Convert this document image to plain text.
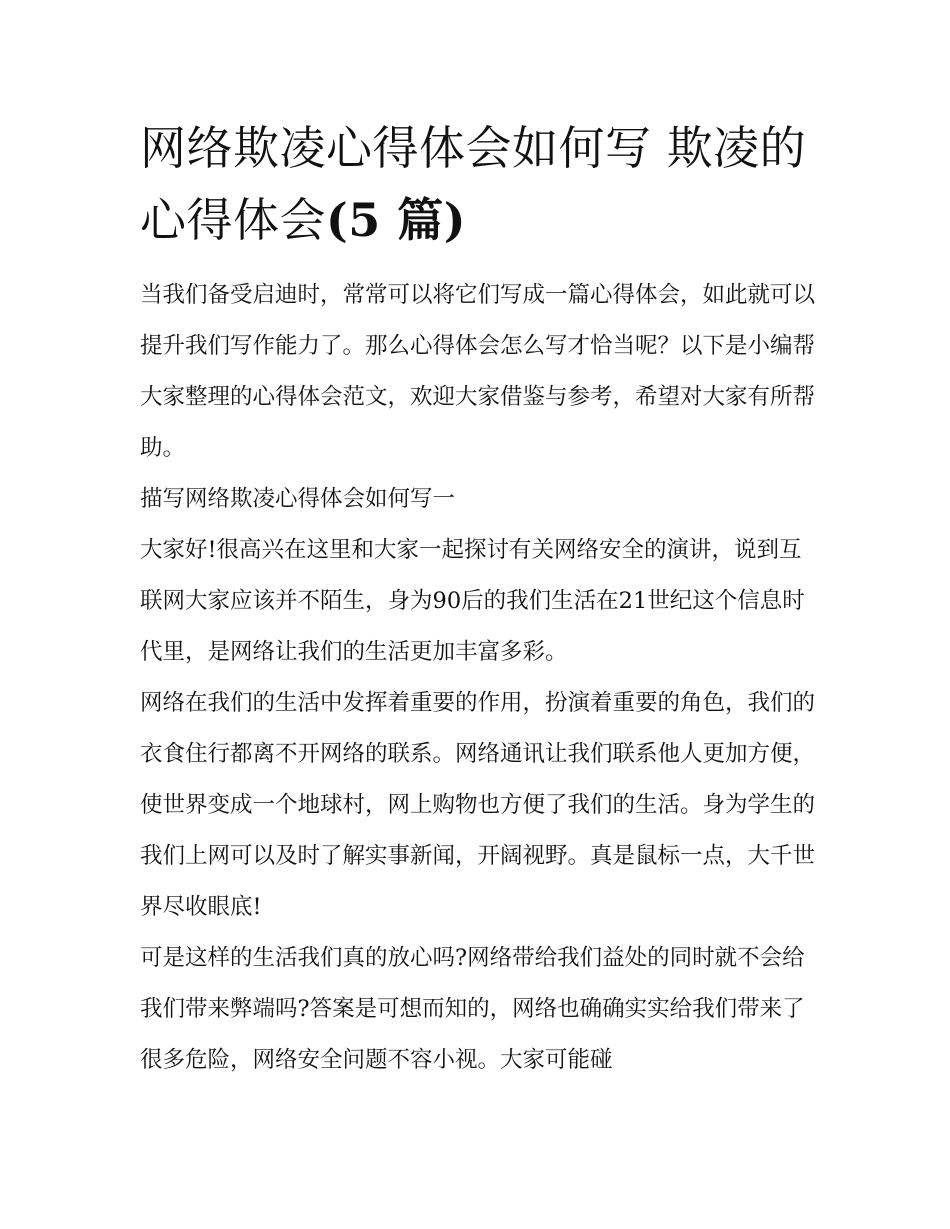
网络欺凌心得体会如何写 欺凌的心得体会(5 篇)

当我们备受启迪时，常常可以将它们写成一篇心得体会，如此就可以提升我们写作能力了。那么心得体会怎么写才恰当呢？以下是小编帮大家整理的心得体会范文，欢迎大家借鉴与参考，希望对大家有所帮助。

描写网络欺凌心得体会如何写一

大家好!很高兴在这里和大家一起探讨有关网络安全的演讲，说到互联网大家应该并不陌生，身为90后的我们生活在21世纪这个信息时代里，是网络让我们的生活更加丰富多彩。

网络在我们的生活中发挥着重要的作用，扮演着重要的角色，我们的衣食住行都离不开网络的联系。网络通讯让我们联系他人更加方便，使世界变成一个地球村，网上购物也方便了我们的生活。身为学生的我们上网可以及时了解实事新闻，开阔视野。真是鼠标一点，大千世界尽收眼底!

可是这样的生活我们真的放心吗?网络带给我们益处的同时就不会给我们带来弊端吗?答案是可想而知的，网络也确确实实给我们带来了很多危险，网络安全问题不容小视。大家可能碰
